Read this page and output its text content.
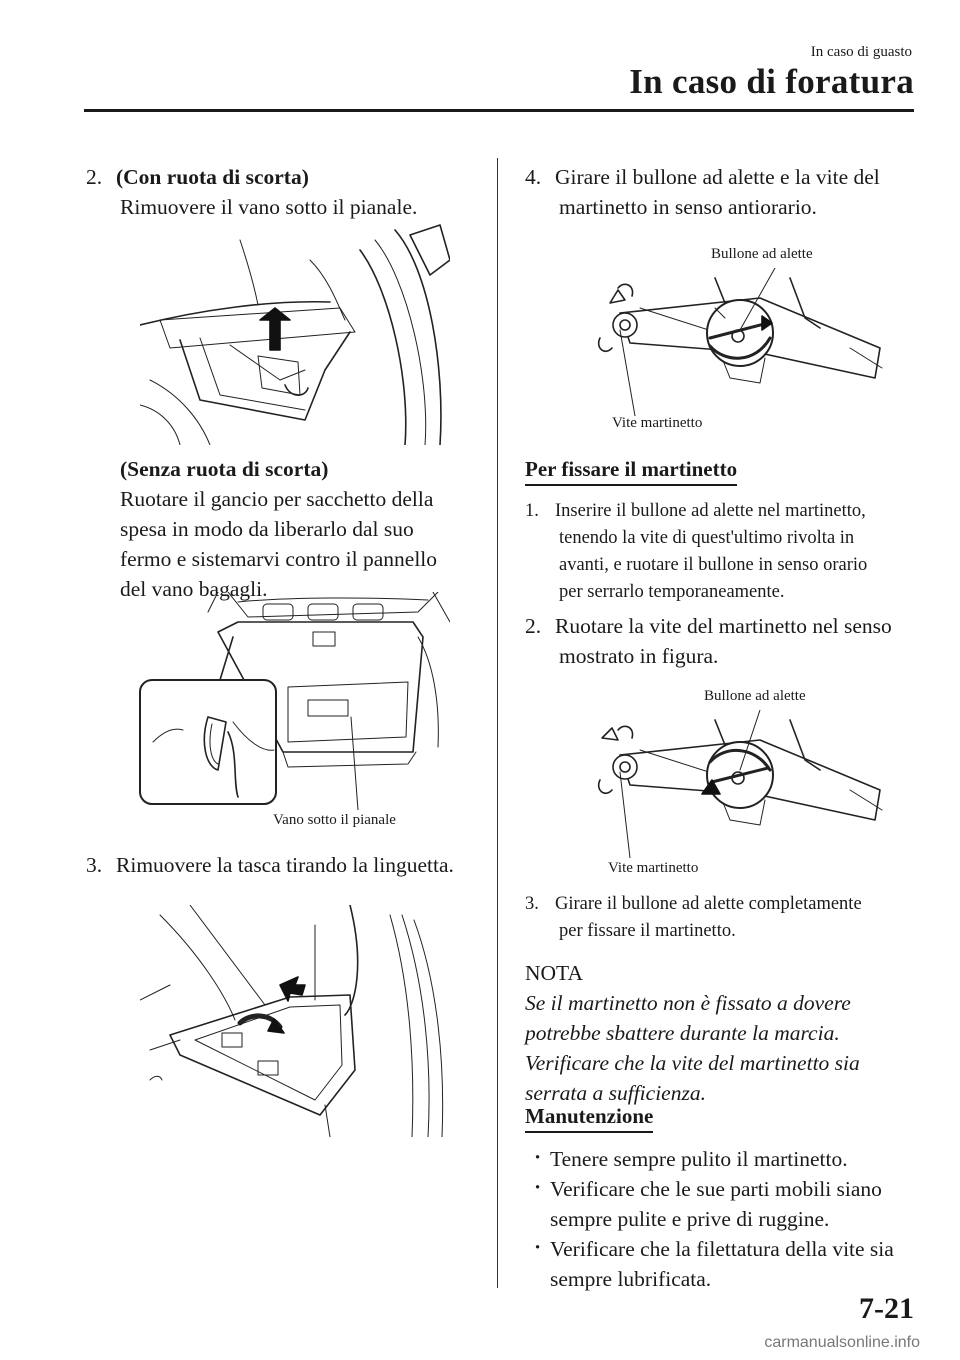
In caso di guasto
In caso di foratura
2. (Con ruota di scorta)
Rimuovere il vano sotto il pianale.
(Senza ruota di scorta)
Ruotare il gancio per sacchetto della
spesa in modo da liberarlo dal suo
fermo e sistemarvi contro il pannello
del vano bagagli.
Vano sotto il pianale
3. Rimuovere la tasca tirando la linguetta.
4. Girare il bullone ad alette e la vite del
martinetto in senso antiorario.
Bullone ad alette
Vite martinetto
Per fissare il martinetto
1. Inserire il bullone ad alette nel martinetto,
tenendo la vite di quest'ultimo rivolta in
avanti, e ruotare il bullone in senso orario
per serrarlo temporaneamente.
2. Ruotare la vite del martinetto nel senso
mostrato in figura.
Bullone ad alette
Vite martinetto
3. Girare il bullone ad alette completamente
per fissare il martinetto.
NOTA
Se il martinetto non è fissato a dovere
potrebbe sbattere durante la marcia.
Verificare che la vite del martinetto sia
serrata a sufficienza.
Manutenzione
· Tenere sempre pulito il martinetto.
· Verificare che le sue parti mobili siano
sempre pulite e prive di ruggine.
· Verificare che la filettatura della vite sia
sempre lubrificata.
7-21
carmanualsonline.info
